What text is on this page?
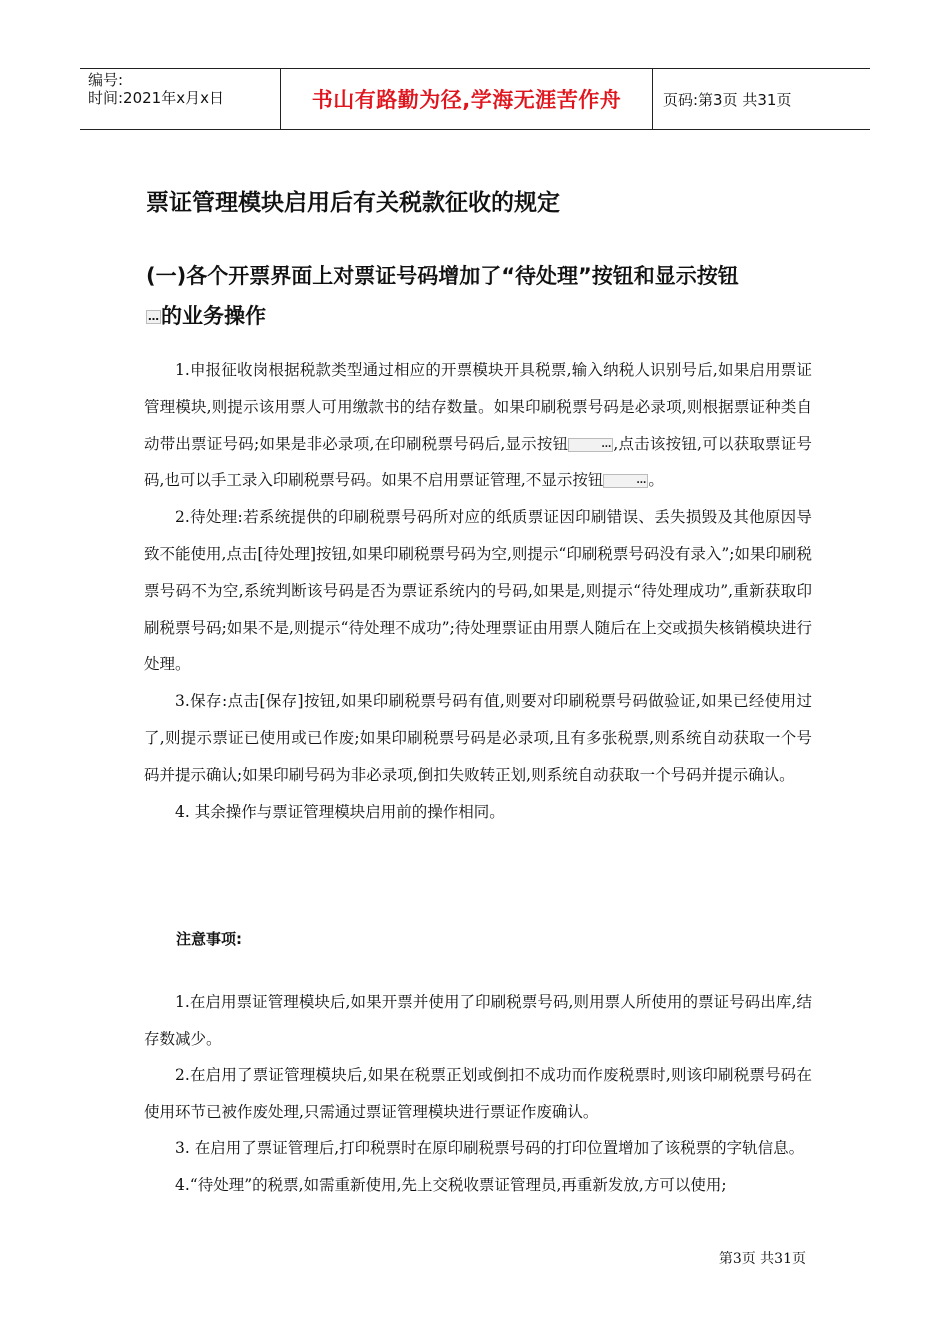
编号:
时间:2021年x月x日	书山有路勤为径,学海无涯苦作舟	页码:第3页 共31页
票证管理模块启用后有关税款征收的规定
(一)各个开票界面上对票证号码增加了“待处理”按钮和显示按钮
…的业务操作

1.申报征收岗根据税款类型通过相应的开票模块开具税票,输入纳税人识别号后,如果启用票证管理模块,则提示该用票人可用缴款书的结存数量。如果印刷税票号码是必录项,则根据票证种类自动带出票证号码;如果是非必录项,在印刷税票号码后,显示按钮	… ,点击该按钮,可以获取票证号码,也可以手工录入印刷税票号码。如果不启用票证管理,不显示按钮	… 。

2.待处理:若系统提供的印刷税票号码所对应的纸质票证因印刷错误、丢失损毁及其他原因导致不能使用,点击[待处理]按钮,如果印刷税票号码为空,则提示“印刷税票号码没有录入”;如果印刷税票号码不为空,系统判断该号码是否为票证系统内的号码,如果是,则提示“待处理成功”,重新获取印刷税票号码;如果不是,则提示“待处理不成功”;待处理票证由用票人随后在上交或损失核销模块进行处理。

3.保存:点击[保存]按钮,如果印刷税票号码有值,则要对印刷税票号码做验证,如果已经使用过了,则提示票证已使用或已作废;如果印刷税票号码是必录项,且有多张税票,则系统自动获取一个号码并提示确认;如果印刷号码为非必录项,倒扣失败转正划,则系统自动获取一个号码并提示确认。

4. 其余操作与票证管理模块启用前的操作相同。

注意事项:

1.在启用票证管理模块后,如果开票并使用了印刷税票号码,则用票人所使用的票证号码出库,结存数减少。

2.在启用了票证管理模块后,如果在税票正划或倒扣不成功而作废税票时,则该印刷税票号码在使用环节已被作废处理,只需通过票证管理模块进行票证作废确认。

3. 在启用了票证管理后,打印税票时在原印刷税票号码的打印位置增加了该税票的字轨信息。

4.“待处理”的税票,如需重新使用,先上交税收票证管理员,再重新发放,方可以使用;

第3页 共31页
